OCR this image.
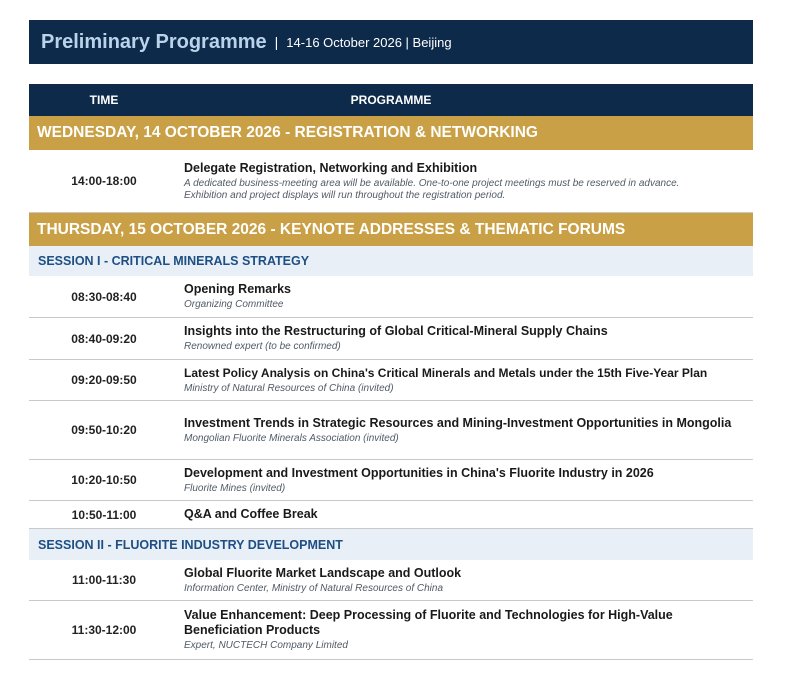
Preliminary Programme | 14-16 October 2026 | Beijing
TIME	PROGRAMME
WEDNESDAY, 14 OCTOBER 2026 - REGISTRATION & NETWORKING
14:00-18:00
Delegate Registration, Networking and Exhibition
A dedicated business-meeting area will be available. One-to-one project meetings must be reserved in advance.
Exhibition and project displays will run throughout the registration period.
THURSDAY, 15 OCTOBER 2026 - KEYNOTE ADDRESSES & THEMATIC FORUMS
SESSION I - CRITICAL MINERALS STRATEGY
08:30-08:40
Opening Remarks
Organizing Committee
08:40-09:20
Insights into the Restructuring of Global Critical-Mineral Supply Chains
Renowned expert (to be confirmed)
09:20-09:50
Latest Policy Analysis on China's Critical Minerals and Metals under the 15th Five-Year Plan
Ministry of Natural Resources of China (invited)
09:50-10:20
Investment Trends in Strategic Resources and Mining-Investment Opportunities in Mongolia
Mongolian Fluorite Minerals Association (invited)
10:20-10:50
Development and Investment Opportunities in China's Fluorite Industry in 2026
Fluorite Mines (invited)
10:50-11:00	Q&A and Coffee Break
SESSION II - FLUORITE INDUSTRY DEVELOPMENT
11:00-11:30
Global Fluorite Market Landscape and Outlook
Information Center, Ministry of Natural Resources of China
11:30-12:00
Value Enhancement: Deep Processing of Fluorite and Technologies for High-Value Beneficiation Products
Expert, NUCTECH Company Limited
